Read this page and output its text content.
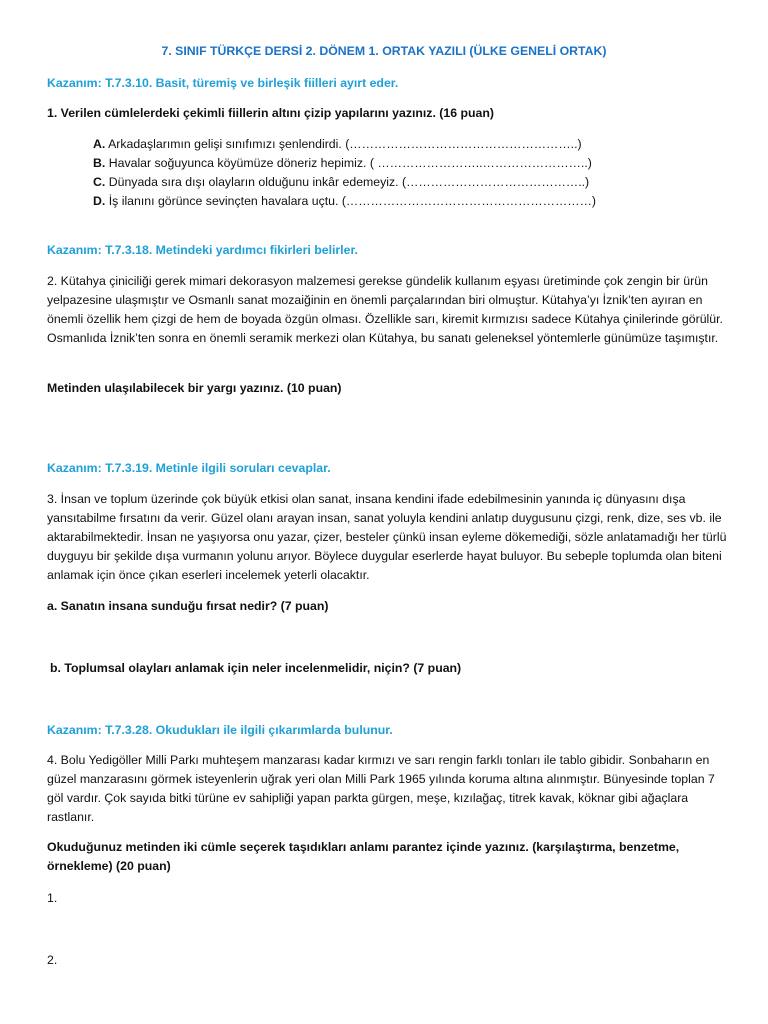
7. SINIF TÜRKÇE DERSİ 2. DÖNEM 1. ORTAK YAZILI (ÜLKE GENELİ ORTAK)
Kazanım: T.7.3.10. Basit, türemiş ve birleşik fiilleri ayırt eder.
1. Verilen cümlelerdeki çekimli fiillerin altını çizip yapılarını yazınız. (16 puan)
A. Arkadaşlarımın gelişi sınıfımızı şenlendirdi. (………………………………………………..)
B. Havalar soğuyunca köyümüze döneriz hepimiz. ( ……………………..……………………..)
C. Dünyada sıra dışı olayların olduğunu inkâr edemeyiz. (……………………………………..)
D. İş ilanını görünce sevinçten havalara uçtu. (……………………………………………………)
Kazanım: T.7.3.18. Metindeki yardımcı fikirleri belirler.

2. Kütahya çiniciliği gerek mimari dekorasyon malzemesi gerekse gündelik kullanım eşyası üretiminde çok zengin bir ürün yelpazesine ulaşmıştır ve Osmanlı sanat mozaiğinin en önemli parçalarından biri olmuştur. Kütahya’yı İznik’ten ayıran en önemli özellik hem çizgi de hem de boyada özgün olması. Özellikle sarı, kiremit kırmızısı sadece Kütahya çinilerinde görülür. Osmanlıda İznik’ten sonra en önemli seramik merkezi olan Kütahya, bu sanatı geleneksel yöntemlerle günümüze taşımıştır.

Metinden ulaşılabilecek bir yargı yazınız. (10 puan)
Kazanım: T.7.3.19. Metinle ilgili soruları cevaplar.

3. İnsan ve toplum üzerinde çok büyük etkisi olan sanat, insana kendini ifade edebilmesinin yanında iç dünyasını dışa yansıtabilme fırsatını da verir. Güzel olanı arayan insan, sanat yoluyla kendini anlatıp duygusunu çizgi, renk, dize, ses vb. ile aktarabilmektedir. İnsan ne yaşıyorsa onu yazar, çizer, besteler çünkü insan eyleme dökemediği, sözle anlatamadığı her türlü duyguyu bir şekilde dışa vurmanın yolunu arıyor. Böylece duygular eserlerde hayat buluyor. Bu sebeple toplumda olan biteni anlamak için önce çıkan eserleri incelemek yeterli olacaktır.

a. Sanatın insana sunduğu fırsat nedir? (7 puan)
b. Toplumsal olayları anlamak için neler incelenmelidir, niçin? (7 puan)
Kazanım: T.7.3.28. Okudukları ile ilgili çıkarımlarda bulunur.

4. Bolu Yedigöller Milli Parkı muhteşem manzarası kadar kırmızı ve sarı rengin farklı tonları ile tablo gibidir. Sonbaharın en güzel manzarasını görmek isteyenlerin uğrak yeri olan Milli Park 1965 yılında koruma altına alınmıştır. Bünyesinde toplan 7 göl vardır. Çok sayıda bitki türüne ev sahipliği yapan parkta gürgen, meşe, kızılağaç, titrek kavak, köknar gibi ağaçlara rastlanır.

Okuduğunuz metinden iki cümle seçerek taşıdıkları anlamı parantez içinde yazınız. (karşılaştırma, benzetme, örnekleme) (20 puan)
1.
2.
